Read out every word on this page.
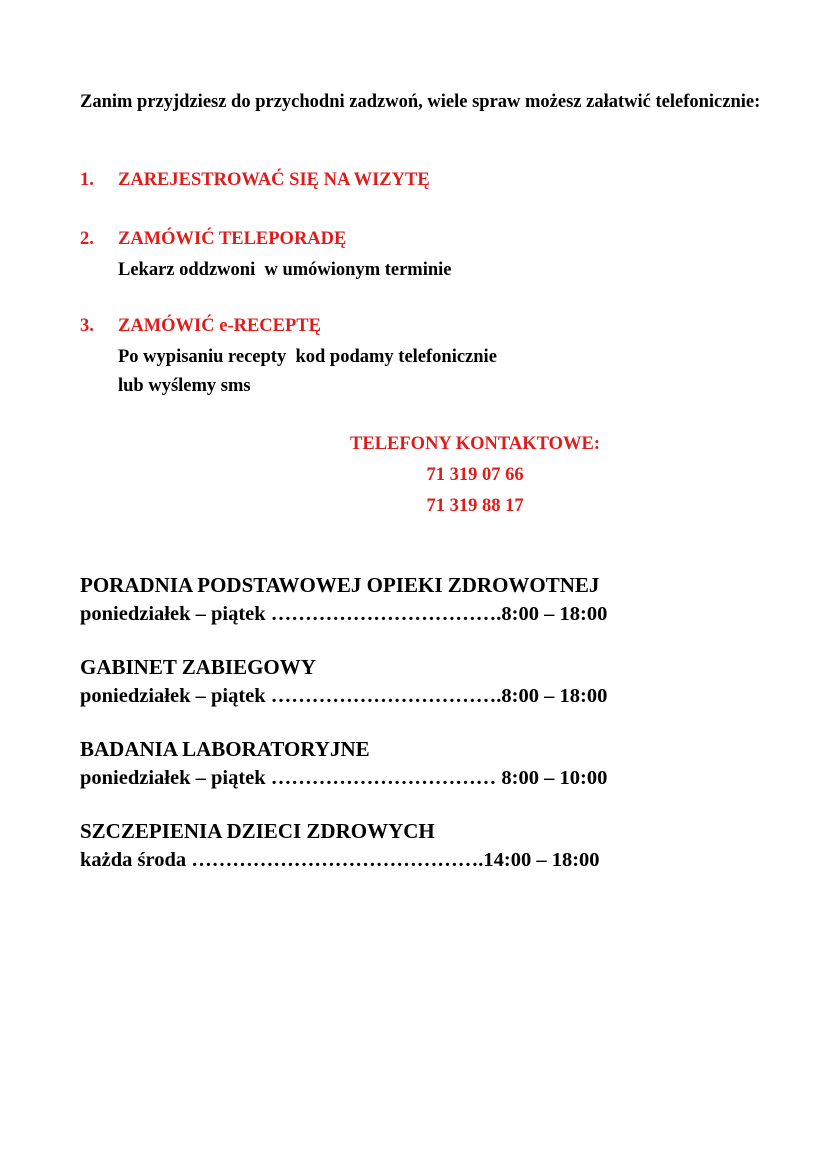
Zanim przyjdziesz do przychodni zadzwoń, wiele spraw możesz załatwić telefonicznie:
1. ZAREJESTROWAĆ SIĘ NA WIZYTĘ
2. ZAMÓWIĆ TELEPORADĘ
Lekarz oddzwoni  w umówionym terminie
3. ZAMÓWIĆ e-RECEPTĘ
Po wypisaniu recepty  kod podamy telefonicznie
lub wyślemy sms
TELEFONY KONTAKTOWE:
71 319 07 66
71 319 88 17
PORADNIA PODSTAWOWEJ OPIEKI ZDROWOTNEJ
poniedziałek – piątek …………………………….8:00 – 18:00
GABINET ZABIEGOWY
poniedziałek – piątek …………………………….8:00 – 18:00
BADANIA LABORATORYJNE
poniedziałek – piątek …………………………… 8:00 – 10:00
SZCZEPIENIA DZIECI ZDROWYCH
każda środa …………………………………….14:00 – 18:00
